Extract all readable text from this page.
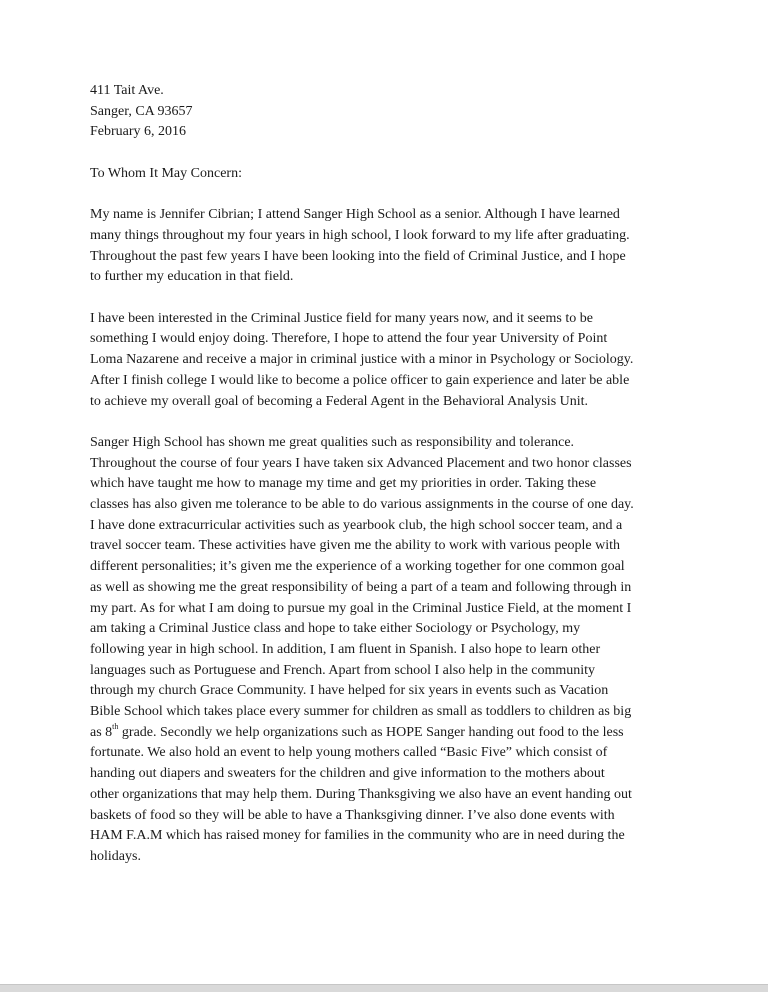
411 Tait Ave.
Sanger, CA 93657
February 6, 2016
To Whom It May Concern:

My name is Jennifer Cibrian; I attend Sanger High School as a senior. Although I have learned
many things throughout my four years in high school, I look forward to my life after graduating.
Throughout the past few years I have been looking into the field of Criminal Justice, and I hope
to further my education in that field.

I have been interested in the Criminal Justice field for many years now, and it seems to be
something I would enjoy doing. Therefore, I hope to attend the four year University of Point
Loma Nazarene and receive a major in criminal justice with a minor in Psychology or Sociology.
After I finish college I would like to become a police officer to gain experience and later be able
to achieve my overall goal of becoming a Federal Agent in the Behavioral Analysis Unit.

Sanger High School has shown me great qualities such as responsibility and tolerance.
Throughout the course of four years I have taken six Advanced Placement and two honor classes
which have taught me how to manage my time and get my priorities in order. Taking these
classes has also given me tolerance to be able to do various assignments in the course of one day.
I have done extracurricular activities such as yearbook club, the high school soccer team, and a
travel soccer team. These activities have given me the ability to work with various people with
different personalities; it’s given me the experience of a working together for one common goal
as well as showing me the great responsibility of being a part of a team and following through in
my part. As for what I am doing to pursue my goal in the Criminal Justice Field, at the moment I
am taking a Criminal Justice class and hope to take either Sociology or Psychology, my
following year in high school. In addition, I am fluent in Spanish. I also hope to learn other
languages such as Portuguese and French. Apart from school I also help in the community
through my church Grace Community. I have helped for six years in events such as Vacation
Bible School which takes place every summer for children as small as toddlers to children as big
as 8th grade. Secondly we help organizations such as HOPE Sanger handing out food to the less
fortunate. We also hold an event to help young mothers called “Basic Five” which consist of
handing out diapers and sweaters for the children and give information to the mothers about
other organizations that may help them. During Thanksgiving we also have an event handing out
baskets of food so they will be able to have a Thanksgiving dinner. I’ve also done events with
HAM F.A.M which has raised money for families in the community who are in need during the
holidays.
